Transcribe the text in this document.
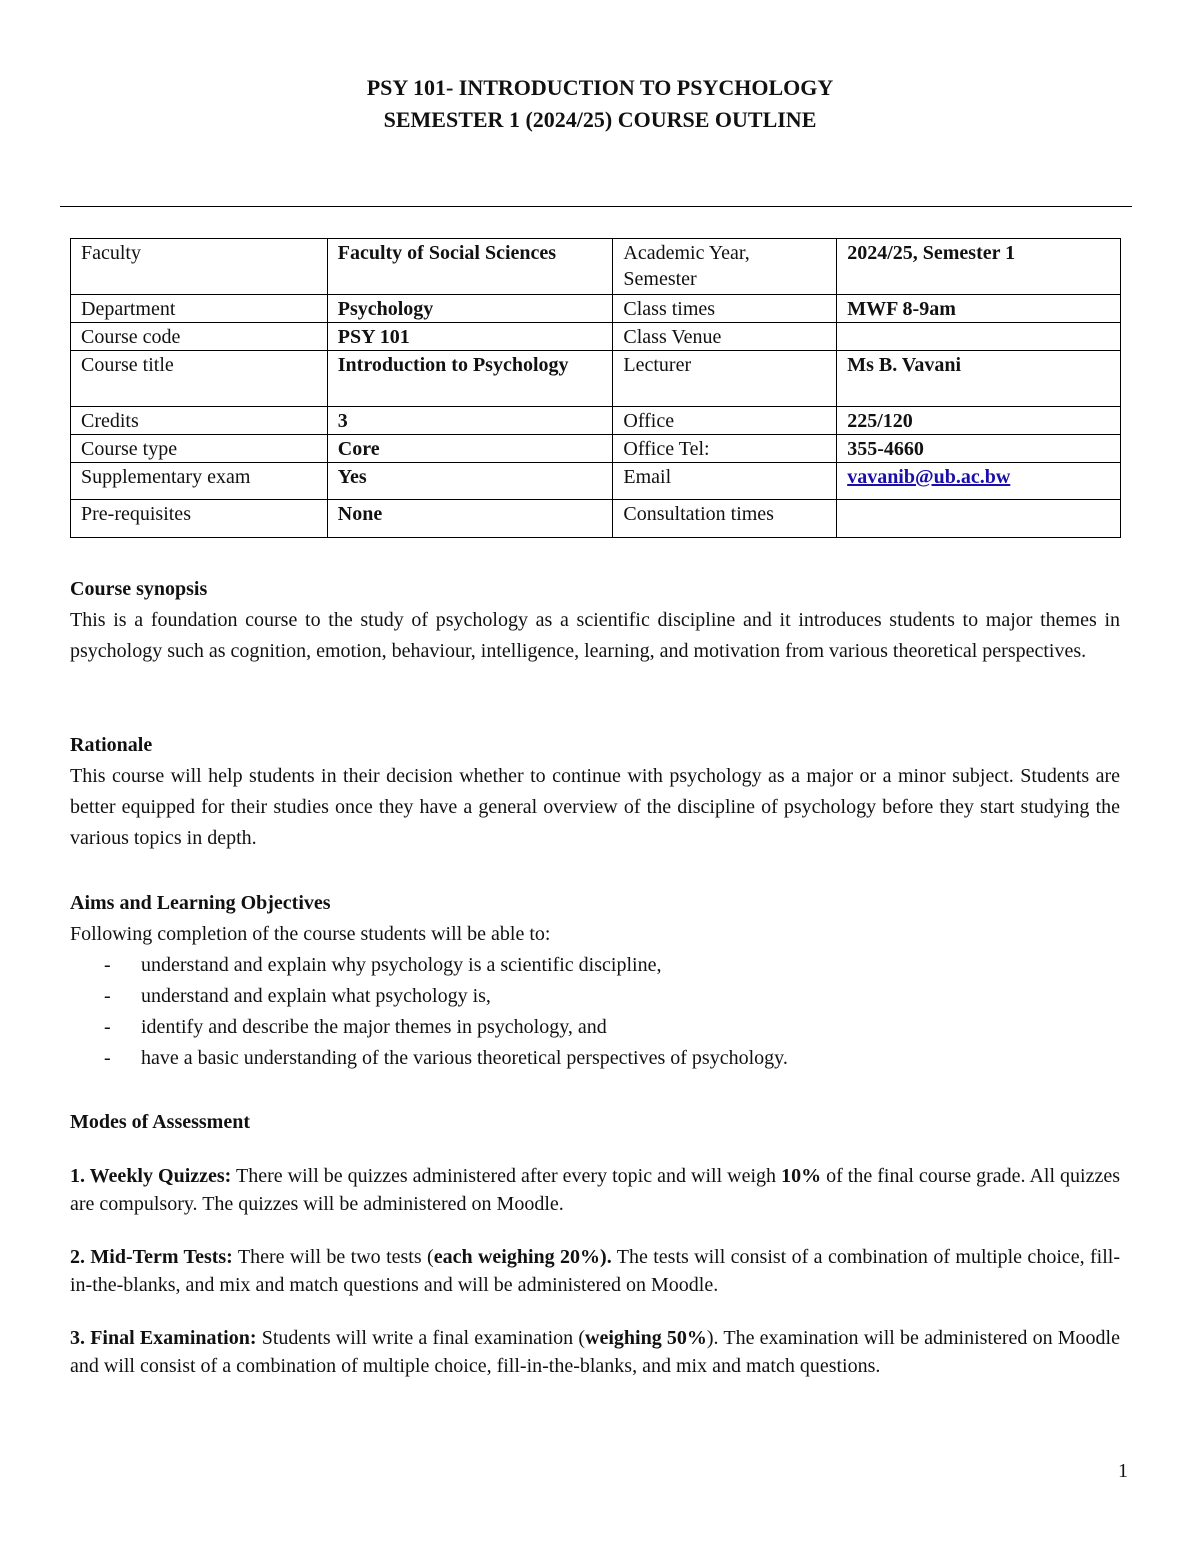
PSY 101- INTRODUCTION TO PSYCHOLOGY
SEMESTER 1 (2024/25) COURSE OUTLINE
Faculty	Faculty of Social Sciences	Academic Year, Semester	2024/25, Semester 1
Department	Psychology	Class times	MWF 8-9am
Course code	PSY 101	Class Venue	
Course title	Introduction to Psychology	Lecturer	Ms B. Vavani
Credits	3	Office	225/120
Course type	Core	Office Tel:	355-4660
Supplementary exam	Yes	Email	vavanib@ub.ac.bw
Pre-requisites	None	Consultation times	
Course synopsis

This is a foundation course to the study of psychology as a scientific discipline and it introduces students to major themes in psychology such as cognition, emotion, behaviour, intelligence, learning, and motivation from various theoretical perspectives.

Rationale

This course will help students in their decision whether to continue with psychology as a major or a minor subject. Students are better equipped for their studies once they have a general overview of the discipline of psychology before they start studying the various topics in depth.

Aims and Learning Objectives

Following completion of the course students will be able to:

- understand and explain why psychology is a scientific discipline,
- understand and explain what psychology is,
- identify and describe the major themes in psychology, and
- have a basic understanding of the various theoretical perspectives of psychology.
Modes of Assessment

1. Weekly Quizzes: There will be quizzes administered after every topic and will weigh 10% of the final course grade. All quizzes are compulsory. The quizzes will be administered on Moodle.

2. Mid-Term Tests: There will be two tests (each weighing 20%). The tests will consist of a combination of multiple choice, fill-in-the-blanks, and mix and match questions and will be administered on Moodle.

3. Final Examination: Students will write a final examination (weighing 50%). The examination will be administered on Moodle and will consist of a combination of multiple choice, fill-in-the-blanks, and mix and match questions.

1
